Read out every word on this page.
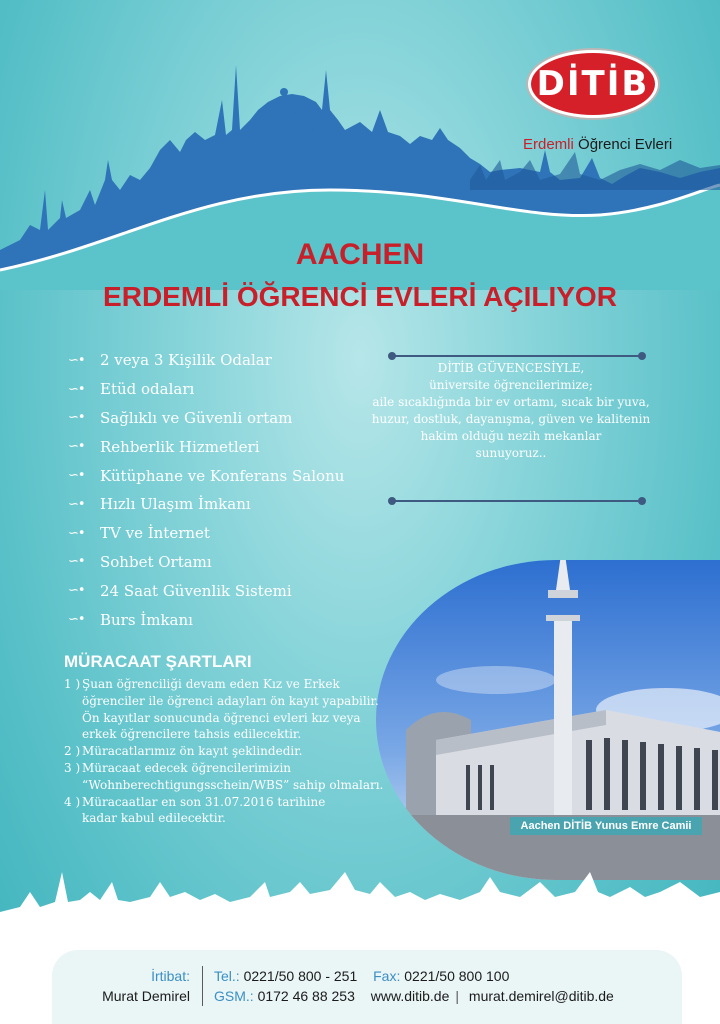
DİTİB
Erdemli Öğrenci Evleri
AACHEN
ERDEMLİ ÖĞRENCİ EVLERİ AÇILIYOR
∽•	2 veya 3 Kişilik Odalar
∽•	Etüd odaları
∽•	Sağlıklı ve Güvenli ortam
∽•	Rehberlik Hizmetleri
∽•	Kütüphane ve Konferans Salonu
∽•	Hızlı Ulaşım İmkanı
∽•	TV ve İnternet
∽•	Sohbet Ortamı
∽•	24 Saat Güvenlik Sistemi
∽•	Burs İmkanı
DİTİB GÜVENCESİYLE,
üniversite öğrencilerimize;
aile sıcaklığında bir ev ortamı, sıcak bir yuva,
huzur, dostluk, dayanışma, güven ve kalitenin
hakim olduğu nezih mekanlar
sunuyoruz..
Aachen DİTİB Yunus Emre Camii
MÜRACAAT ŞARTLARI
1 ) Şuan öğrenciliği devam eden Kız ve Erkek
öğrenciler ile öğrenci adayları ön kayıt yapabilir.
Ön kayıtlar sonucunda öğrenci evleri kız veya
erkek öğrencilere tahsis edilecektir.
2 ) Müracatlarımız ön kayıt şeklindedir.
3 ) Müracaat edecek öğrencilerimizin
“Wohnberechtigungsschein/WBS” sahip olmaları.
4 ) Müracaatlar en son 31.07.2016 tarihine
kadar kabul edilecektir.
İrtibat:
Murat Demirel
Tel.: 0221/50 800 - 251 Fax: 0221/50 800 100
GSM.: 0172 46 88 253 www.ditib.de | murat.demirel@ditib.de
